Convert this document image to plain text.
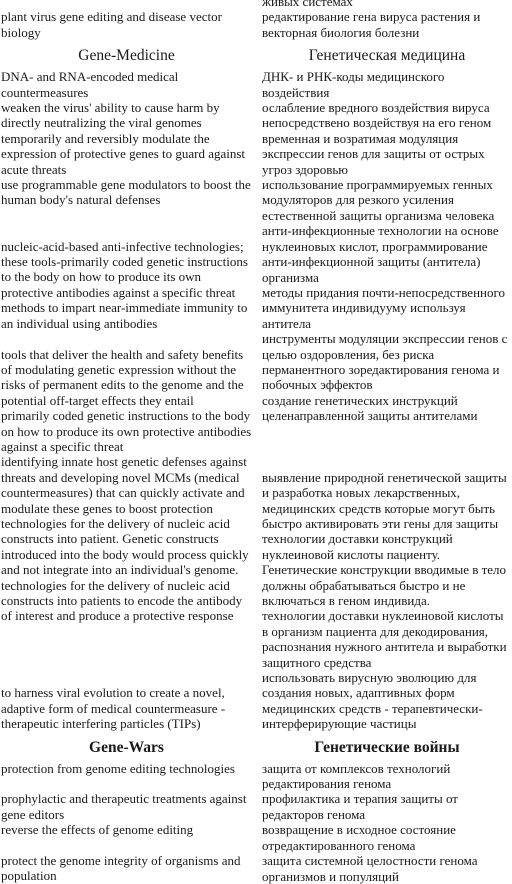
plant virus gene editing and disease vector biology
живых системах
редактирование гена вируса растения и векторная биология болезни
Gene-Medicine	Генетическая медицина
DNA- and RNA-encoded medical countermeasures
weaken the virus' ability to cause harm by directly neutralizing the viral genomes
temporarily and reversibly modulate the expression of protective genes to guard against acute threats
use programmable gene modulators to boost the human body's natural defenses
ДНК- и РНК-коды медицинского воздействия
ослабление вредного воздействия вируса непосредствено воздействуя на его геном
временная и возратимая модуляция экспрессии генов для защиты от острых угроз здоровью
использование программируемых генных модуляторов для резкого усиления естественной защиты организма человека
nucleic-acid-based anti-infective technologies; these tools-primarily coded genetic instructions to the body on how to produce its own protective antibodies against a specific threat
methods to impart near-immediate immunity to an individual using antibodies
анти-инфекционные технологии на основе нуклеиновых кислот, программирование анти-инфекционной защиты (антитела) организма
методы придания почти-непосредственного иммунитета индивидууму используя антитела
tools that deliver the health and safety benefits of modulating genetic expression without the risks of permanent edits to the genome and the potential off-target effects they entail
primarily coded genetic instructions to the body on how to produce its own protective antibodies against a specific threat
инструменты модуляции экспрессии генов с целью оздоровления, без риска перманентного зоредактирования генома и побочных эффектов
создание генетических инструкций целенаправленной защиты антителами
identifying innate host genetic defenses against threats and developing novel MCMs (medical countermeasures) that can quickly activate and modulate these genes to boost protection
technologies for the delivery of nucleic acid constructs into patient. Genetic constructs introduced into the body would process quickly and not integrate into an individual's genome.
technologies for the delivery of nucleic acid constructs into patients to encode the antibody of interest and produce a protective response
выявление природной генетической защиты и разработка новых лекарственных, медицинских средств которые могут быть быстро активировать эти гены для защиты
технологии доставки конструкций нуклеиновой кислоты пациенту. Генетические конструкции вводимые в тело должны обрабатываться быстро и не включаться в геном индивида.
технологии доставки нуклеиновой кислоты в организм пациента для декодирования, распознания нужного антитела и выработки защитного средства
to harness viral evolution to create a novel, adaptive form of medical countermeasure - therapeutic interfering particles (TIPs)
использовать вирусную эволюцию для создания новых, адаптивных форм медицинских средств - терапевтически-интерферирующие частицы
Gene-Wars	Генетические войны
protection from genome editing technologies
prophylactic and therapeutic treatments against gene editors
reverse the effects of genome editing
protect the genome integrity of organisms and population
защита от комплексов технологий редактирования генома
профилактика и терапия защиты от редакторов генома
возвращение в исходное состояние отредактированного генома
защита системной целостности генома организмов и популяций
